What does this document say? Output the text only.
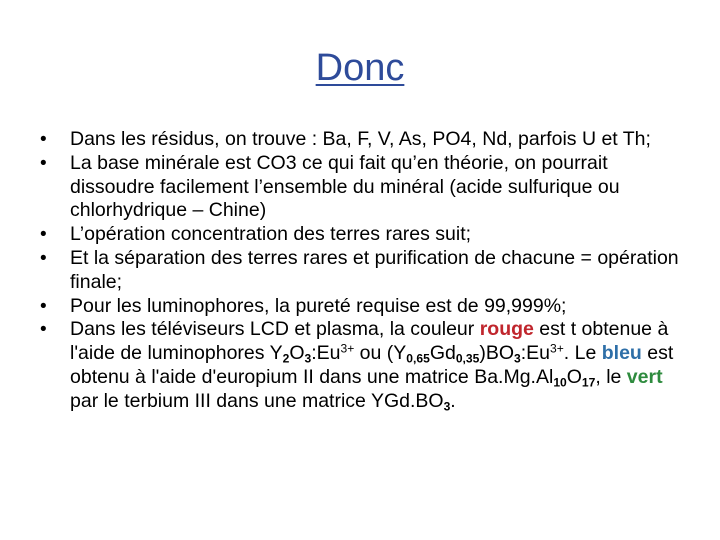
Donc
• Dans les résidus, on trouve : Ba, F, V, As, PO4, Nd, parfois U et Th;
• La base minérale est CO3 ce qui fait qu’en théorie, on pourrait dissoudre facilement l’ensemble du minéral (acide sulfurique ou chlorhydrique – Chine)
• L’opération concentration des terres rares suit;
• Et la séparation des terres rares et purification de chacune = opération finale;
• Pour les luminophores, la pureté requise est de 99,999%;
• Dans les téléviseurs LCD et plasma, la couleur rouge est t obtenue à l'aide de luminophores $Y_2O_3:Eu^{3+}$ ou $(Y_{0,65}Gd_{0,35})BO_3:Eu^{3+}$. Le bleu est obtenu à l'aide d'europium II dans une matrice $Ba.Mg.Al_{10}O_{17}$, le vert par le terbium III dans une matrice $YGd.BO_3$.
